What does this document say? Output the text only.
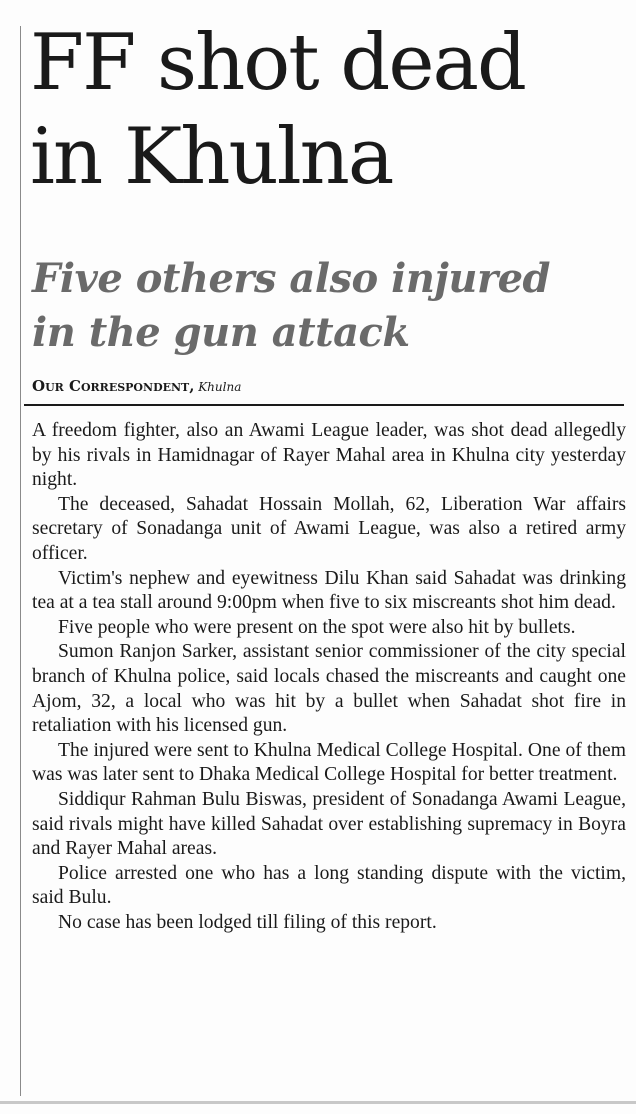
FF shot dead
in Khulna
Five others also injured
in the gun attack
Our Correspondent, Khulna

A freedom fighter, also an Awami League leader, was shot dead allegedly by his rivals in Hamidnagar of Rayer Mahal area in Khulna city yesterday night.

The deceased, Sahadat Hossain Mollah, 62, Liberation War affairs secretary of Sonadanga unit of Awami League, was also a retired army officer.

Victim's nephew and eyewitness Dilu Khan said Sahadat was drinking tea at a tea stall around 9:00pm when five to six miscreants shot him dead.

Five people who were present on the spot were also hit by bullets.

Sumon Ranjon Sarker, assistant senior commissioner of the city special branch of Khulna police, said locals chased the miscreants and caught one Ajom, 32, a local who was hit by a bullet when Sahadat shot fire in retaliation with his licensed gun.

The injured were sent to Khulna Medical College Hospital. One of them was was later sent to Dhaka Medical College Hospital for better treatment.

Siddiqur Rahman Bulu Biswas, president of Sonadanga Awami League, said rivals might have killed Sahadat over establishing supremacy in Boyra and Rayer Mahal areas.

Police arrested one who has a long standing dispute with the victim, said Bulu.

No case has been lodged till filing of this report.
